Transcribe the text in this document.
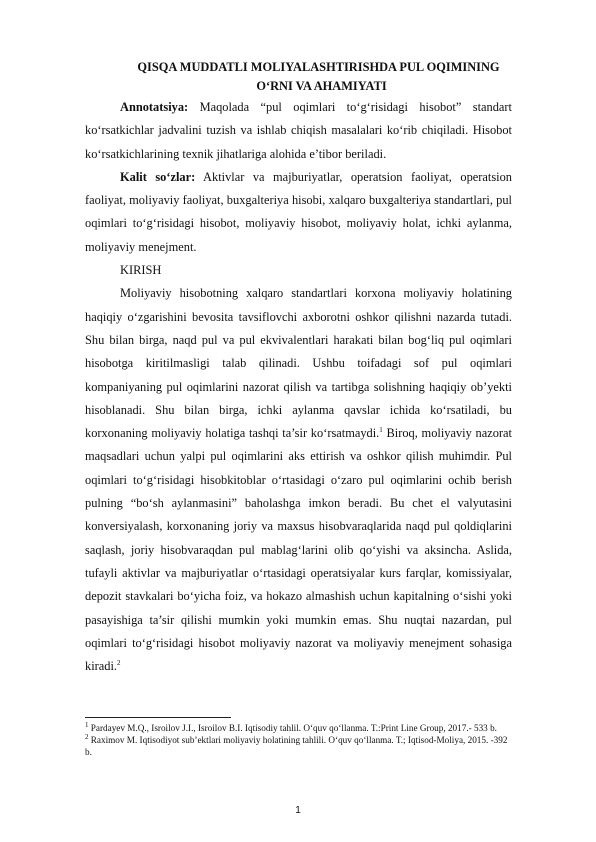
QISQA MUDDATLI MOLIYALASHTIRISHDA PUL OQIMINING
O‘RNI VA AHAMIYATI

Annotatsiya: Maqolada “pul oqimlari to‘g‘risidagi hisobot” standart ko‘rsatkichlar jadvalini tuzish va ishlab chiqish masalalari ko‘rib chiqiladi. Hisobot ko‘rsatkichlarining texnik jihatlariga alohida e’tibor beriladi.

Kalit so‘zlar: Aktivlar va majburiyatlar, operatsion faoliyat, operatsion faoliyat, moliyaviy faoliyat, buxgalteriya hisobi, xalqaro buxgalteriya standartlari, pul oqimlari to‘g‘risidagi hisobot, moliyaviy hisobot, moliyaviy holat, ichki aylanma, moliyaviy menejment.

KIRISH

Moliyaviy hisobotning xalqaro standartlari korxona moliyaviy holatining haqiqiy o‘zgarishini bevosita tavsiflovchi axborotni oshkor qilishni nazarda tutadi. Shu bilan birga, naqd pul va pul ekvivalentlari harakati bilan bog‘liq pul oqimlari hisobotga kiritilmasligi talab qilinadi. Ushbu toifadagi sof pul oqimlari kompaniyaning pul oqimlarini nazorat qilish va tartibga solishning haqiqiy ob’yekti hisoblanadi. Shu bilan birga, ichki aylanma qavslar ichida ko‘rsatiladi, bu korxonaning moliyaviy holatiga tashqi ta’sir ko‘rsatmaydi.$^1$ Biroq, moliyaviy nazorat maqsadlari uchun yalpi pul oqimlarini aks ettirish va oshkor qilish muhimdir. Pul oqimlari to‘g‘risidagi hisobkitoblar o‘rtasidagi o‘zaro pul oqimlarini ochib berish pulning “bo‘sh aylanmasini” baholashga imkon beradi. Bu chet el valyutasini konversiyalash, korxonaning joriy va maxsus hisobvaraqlarida naqd pul qoldiqlarini saqlash, joriy hisobvaraqdan pul mablag‘larini olib qo‘yishi va aksincha. Aslida, tufayli aktivlar va majburiyatlar o‘rtasidagi operatsiyalar kurs farqlar, komissiyalar, depozit stavkalari bo‘yicha foiz, va hokazo almashish uchun kapitalning o‘sishi yoki pasayishiga ta’sir qilishi mumkin yoki mumkin emas. Shu nuqtai nazardan, pul oqimlari to‘g‘risidagi hisobot moliyaviy nazorat va moliyaviy menejment sohasiga kiradi.$^2$

$^1$ Pardayev M.Q., Isroilov J.I., Isroilov B.I. Iqtisodiy tahlil. O‘quv qo‘llanma. T.:Print Line Group, 2017.- 533 b.

$^2$ Raximov M. Iqtisodiyot sub’ektlari moliyaviy holatining tahlili. O‘quv qo‘llanma. T.; Iqtisod-Moliya, 2015. -392 b.

1
